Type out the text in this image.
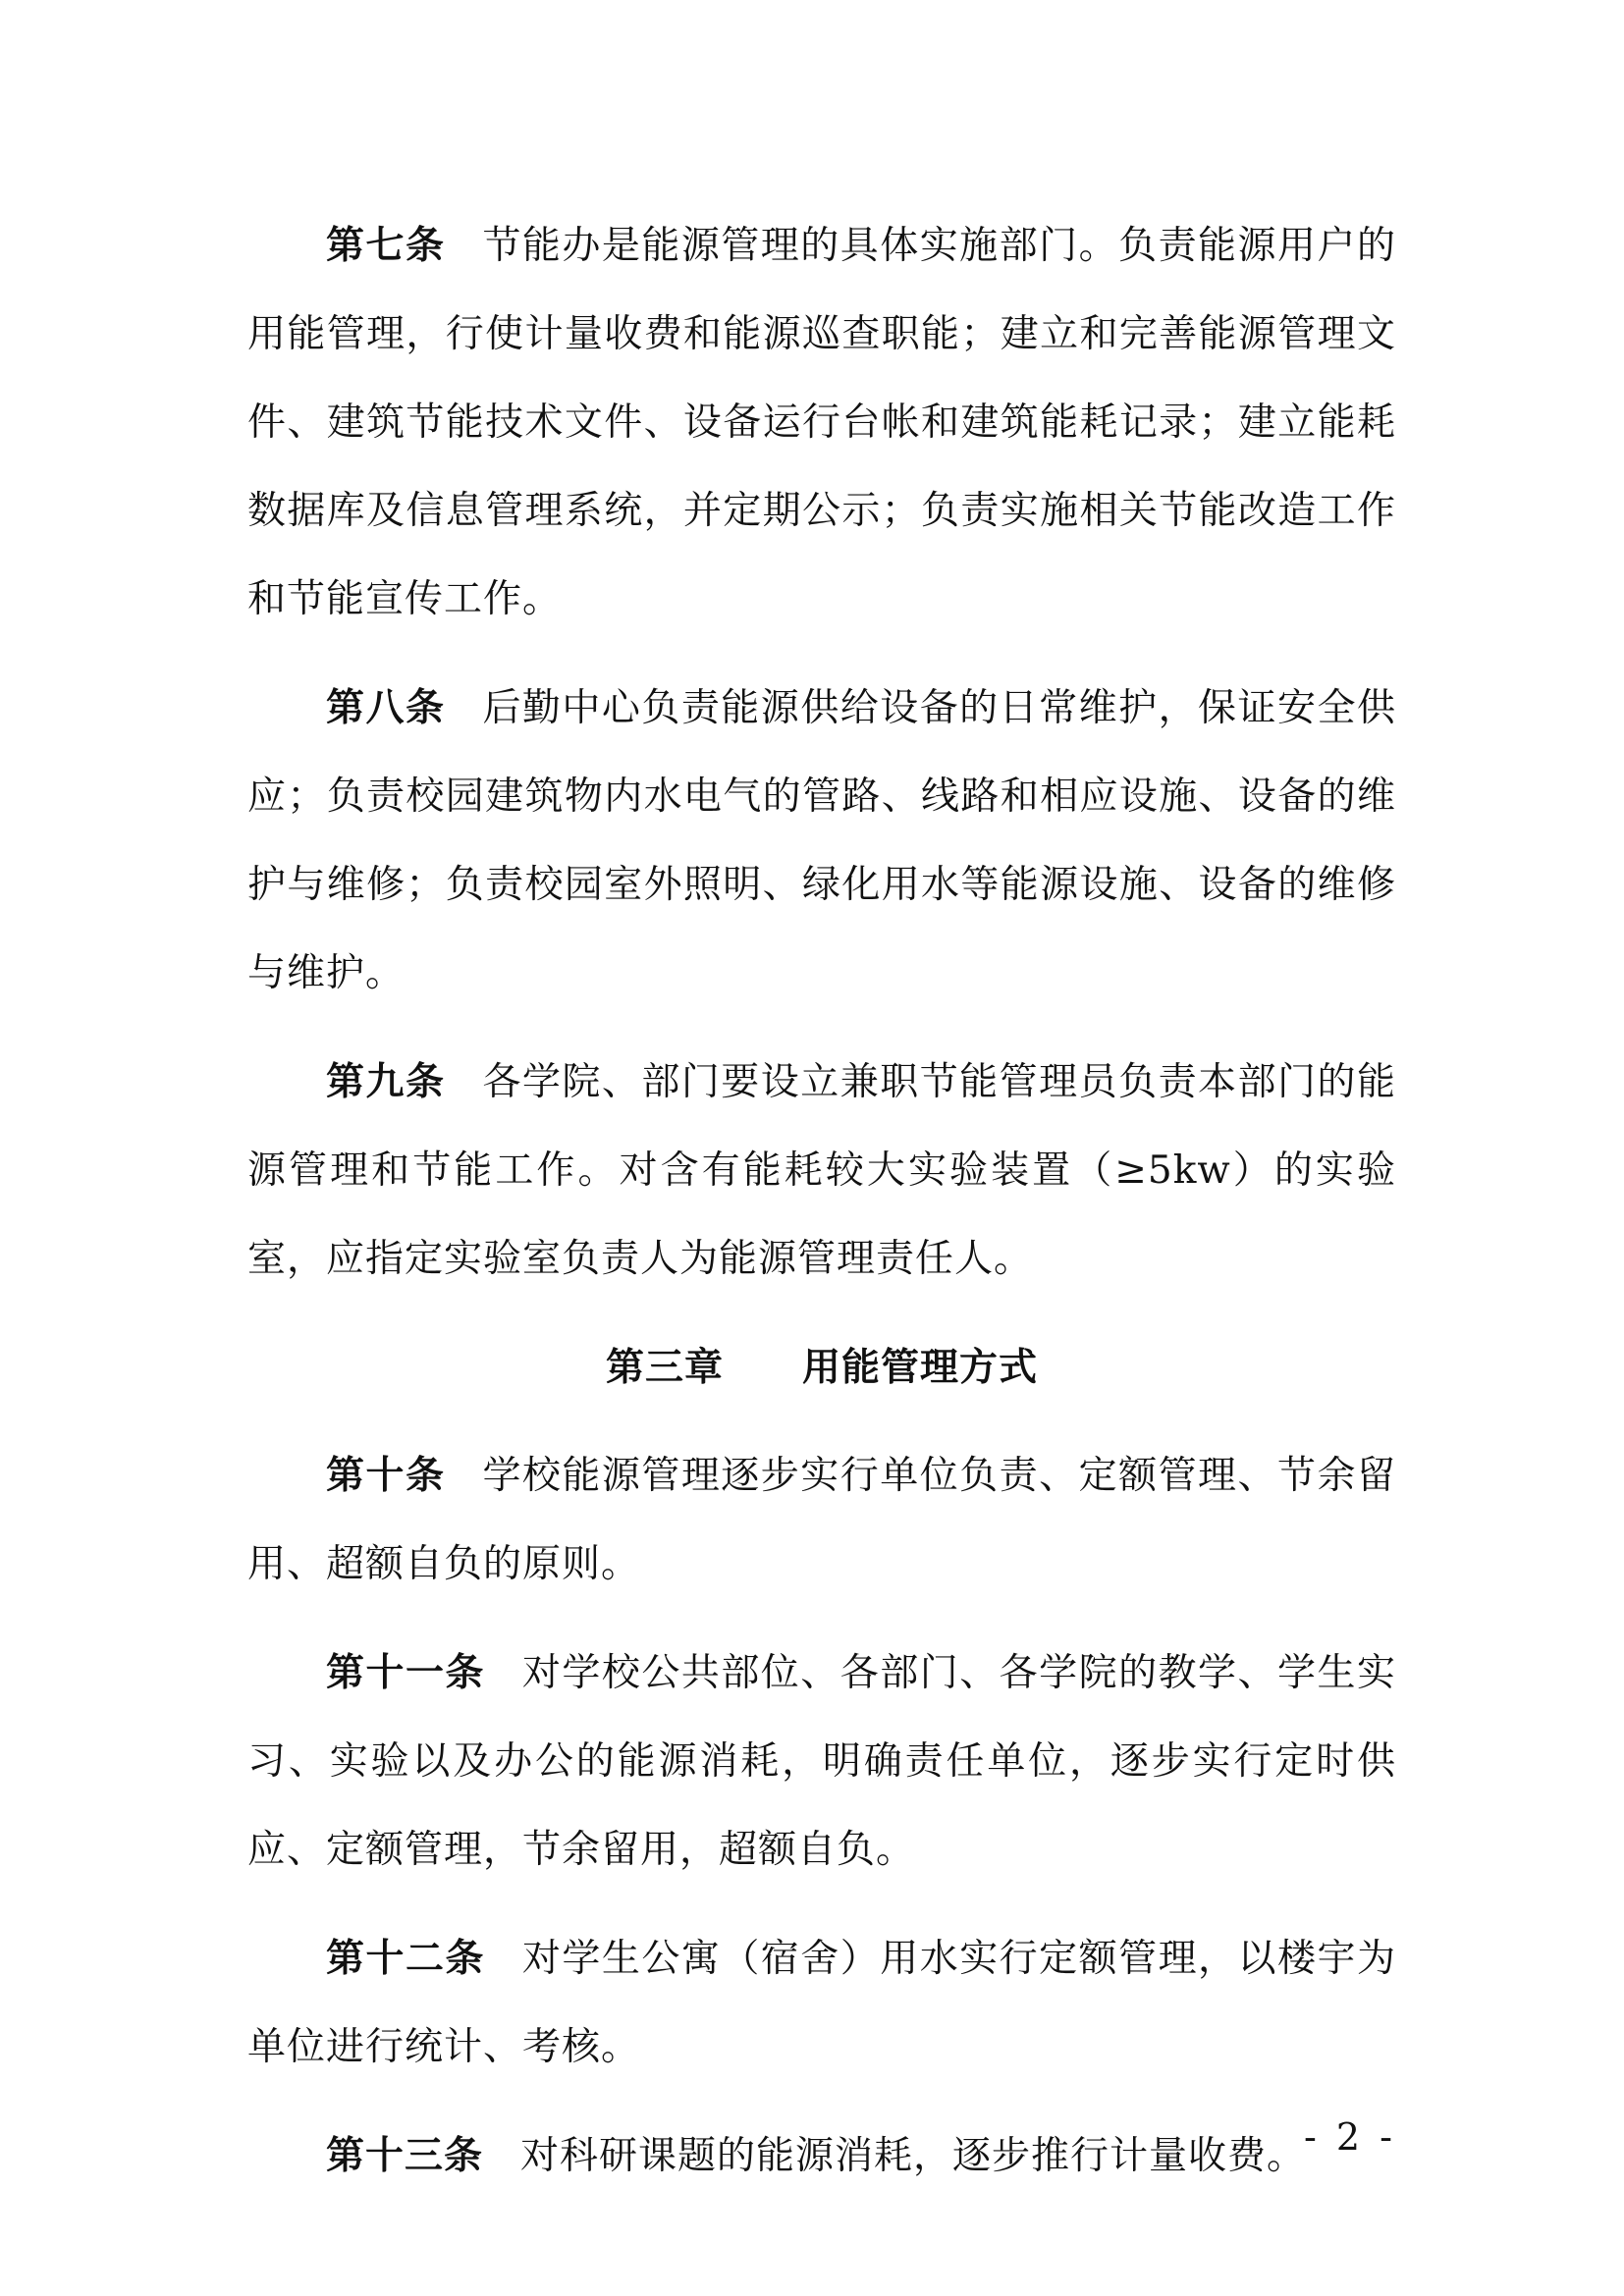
第七条 节能办是能源管理的具体实施部门。负责能源用户的用能管理，行使计量收费和能源巡查职能；建立和完善能源管理文件、建筑节能技术文件、设备运行台帐和建筑能耗记录；建立能耗数据库及信息管理系统，并定期公示；负责实施相关节能改造工作和节能宣传工作。

第八条 后勤中心负责能源供给设备的日常维护，保证安全供应；负责校园建筑物内水电气的管路、线路和相应设施、设备的维护与维修；负责校园室外照明、绿化用水等能源设施、设备的维修与维护。

第九条 各学院、部门要设立兼职节能管理员负责本部门的能源管理和节能工作。对含有能耗较大实验装置（≥5kw）的实验室，应指定实验室负责人为能源管理责任人。

第三章 用能管理方式

第十条 学校能源管理逐步实行单位负责、定额管理、节余留用、超额自负的原则。

第十一条 对学校公共部位、各部门、各学院的教学、学生实习、实验以及办公的能源消耗，明确责任单位，逐步实行定时供应、定额管理，节余留用，超额自负。

第十二条 对学生公寓（宿舍）用水实行定额管理，以楼宇为单位进行统计、考核。

第十三条 对科研课题的能源消耗，逐步推行计量收费。

- 2 -
